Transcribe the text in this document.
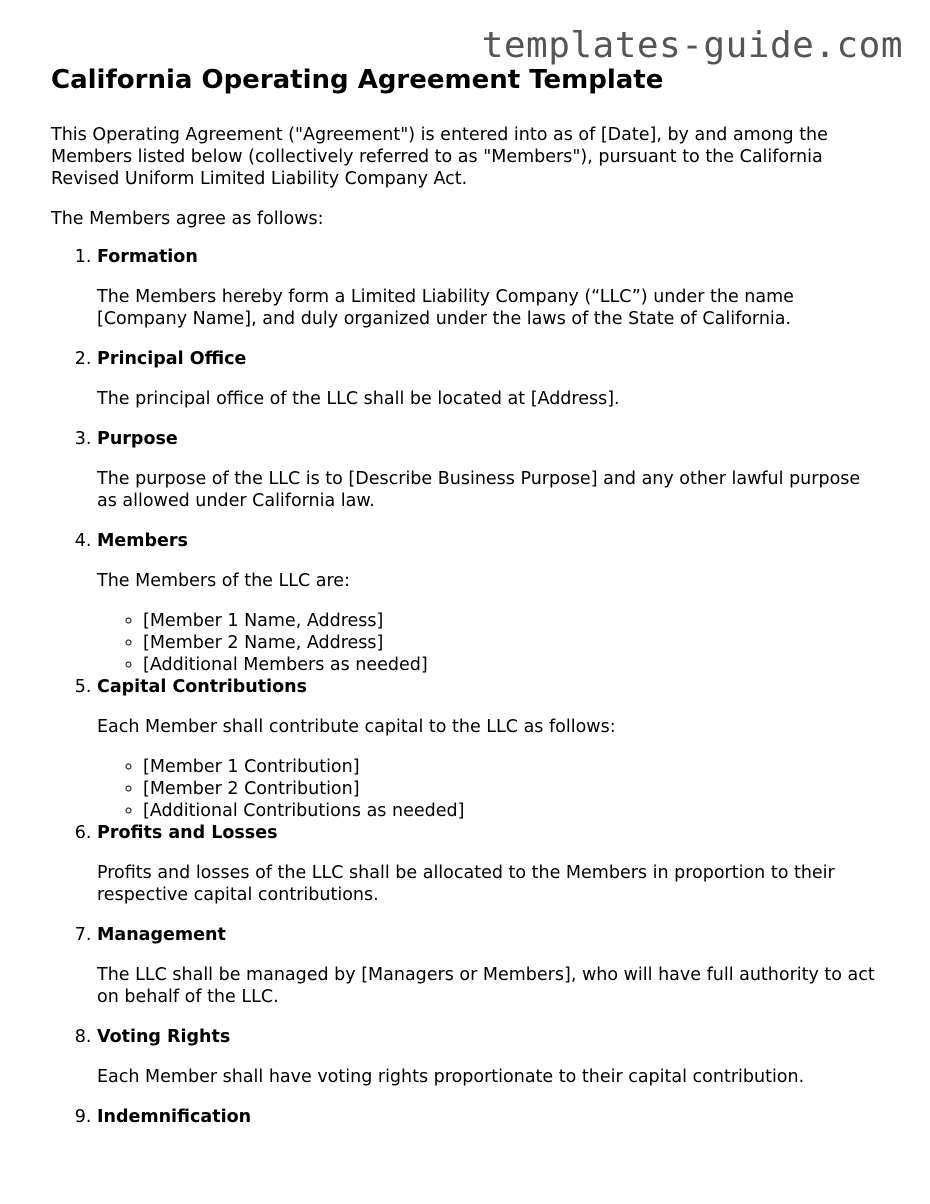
templates-guide.com
California Operating Agreement Template

This Operating Agreement ("Agreement") is entered into as of [Date], by and among the Members listed below (collectively referred to as "Members"), pursuant to the California Revised Uniform Limited Liability Company Act.

The Members agree as follows:

1. Formation

The Members hereby form a Limited Liability Company (“LLC”) under the name [Company Name], and duly organized under the laws of the State of California.

2. Principal Office

The principal office of the LLC shall be located at [Address].

3. Purpose

The purpose of the LLC is to [Describe Business Purpose] and any other lawful purpose as allowed under California law.

4. Members

The Members of the LLC are:

◦ [Member 1 Name, Address]
◦ [Member 2 Name, Address]
◦ [Additional Members as needed]
5. Capital Contributions

Each Member shall contribute capital to the LLC as follows:

◦ [Member 1 Contribution]
◦ [Member 2 Contribution]
◦ [Additional Contributions as needed]
6. Profits and Losses

Profits and losses of the LLC shall be allocated to the Members in proportion to their respective capital contributions.

7. Management

The LLC shall be managed by [Managers or Members], who will have full authority to act on behalf of the LLC.

8. Voting Rights

Each Member shall have voting rights proportionate to their capital contribution.

9. Indemnification
